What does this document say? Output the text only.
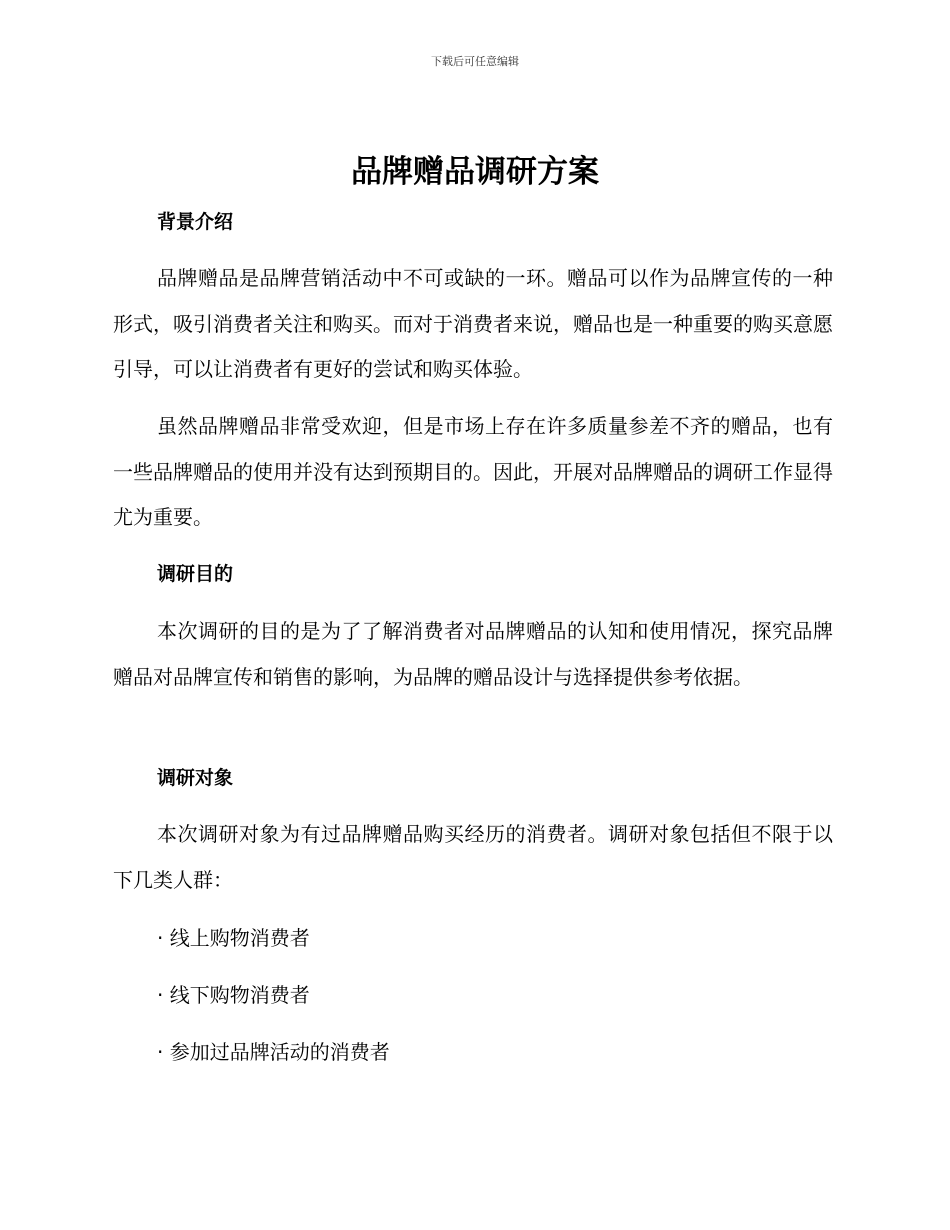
下载后可任意编辑
品牌赠品调研方案
背景介绍

品牌赠品是品牌营销活动中不可或缺的一环。赠品可以作为品牌宣传的一种形式，吸引消费者关注和购买。而对于消费者来说，赠品也是一种重要的购买意愿引导，可以让消费者有更好的尝试和购买体验。

虽然品牌赠品非常受欢迎，但是市场上存在许多质量参差不齐的赠品，也有一些品牌赠品的使用并没有达到预期目的。因此，开展对品牌赠品的调研工作显得尤为重要。

调研目的

本次调研的目的是为了了解消费者对品牌赠品的认知和使用情况，探究品牌赠品对品牌宣传和销售的影响，为品牌的赠品设计与选择提供参考依据。

调研对象

本次调研对象为有过品牌赠品购买经历的消费者。调研对象包括但不限于以下几类人群：

· 线上购物消费者

· 线下购物消费者

· 参加过品牌活动的消费者
